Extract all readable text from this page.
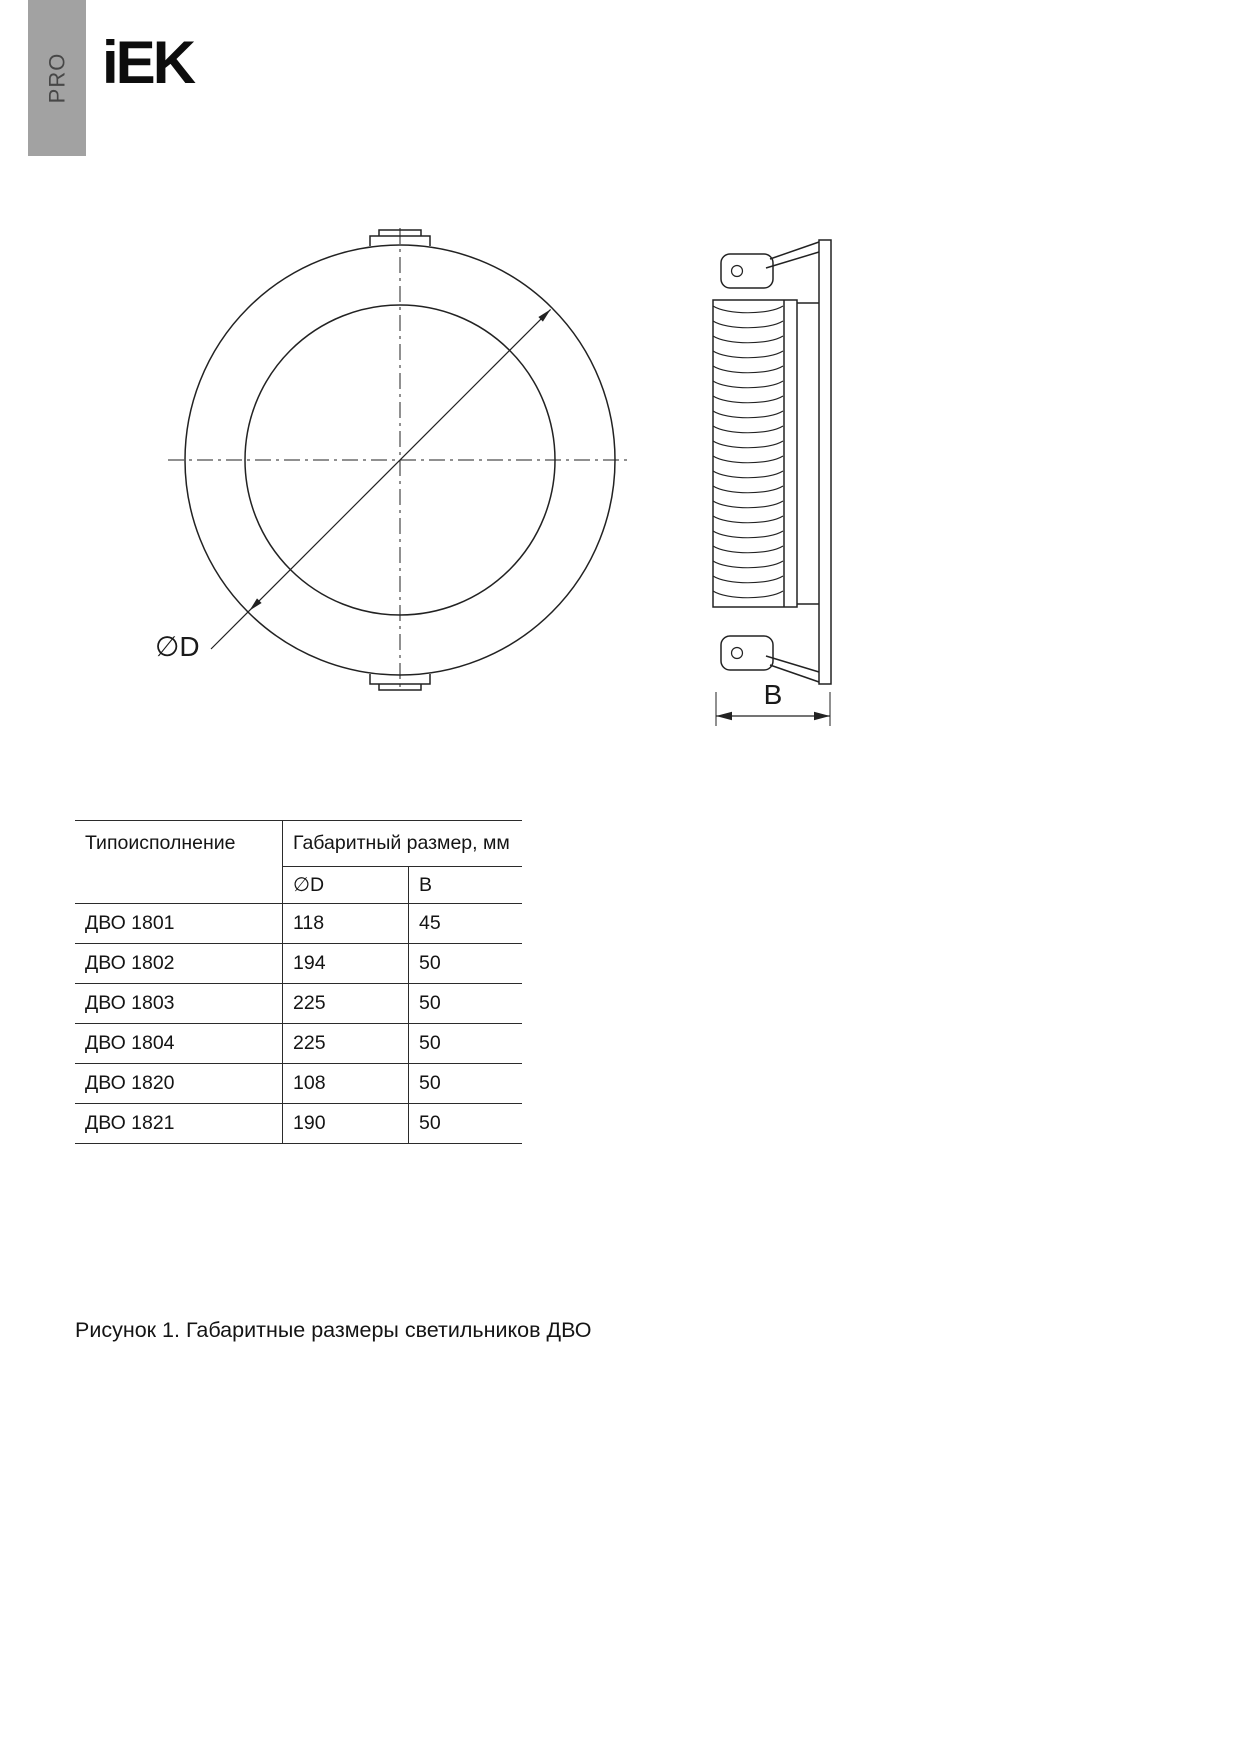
PRO iEK
∅D
B
Типоисполнение	Габаритный размер, мм
∅D	B
ДВО 1801	118	45
ДВО 1802	194	50
ДВО 1803	225	50
ДВО 1804	225	50
ДВО 1820	108	50
ДВО 1821	190	50
Рисунок 1. Габаритные размеры светильников ДВО
